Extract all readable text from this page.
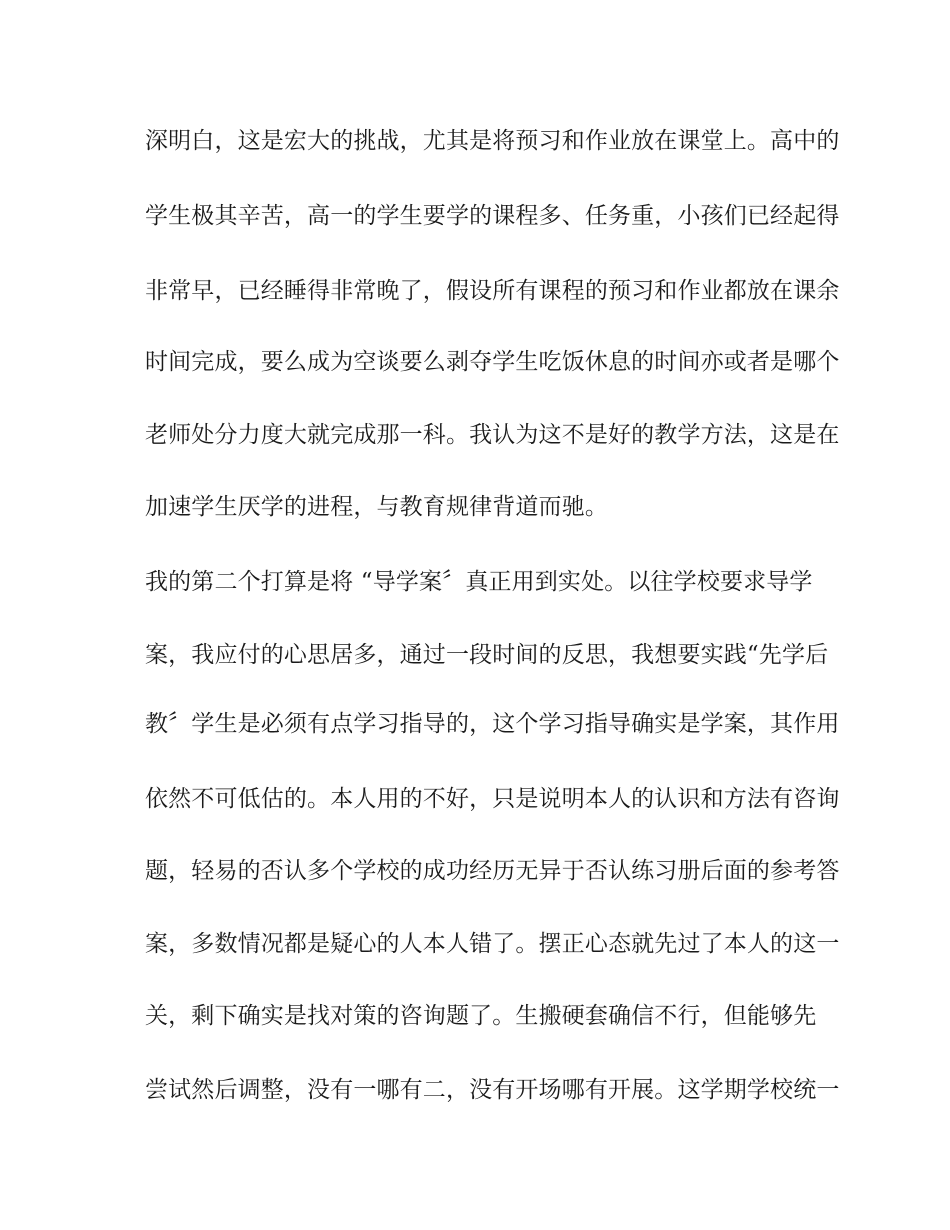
深明白，这是宏大的挑战，尤其是将预习和作业放在课堂上。高中的
学生极其辛苦，高一的学生要学的课程多、任务重，小孩们已经起得
非常早，已经睡得非常晚了，假设所有课程的预习和作业都放在课余
时间完成，要么成为空谈要么剥夺学生吃饭休息的时间亦或者是哪个
老师处分力度大就完成那一科。我认为这不是好的教学方法，这是在
加速学生厌学的进程，与教育规律背道而驰。
我的第二个打算是将 “导学案〞真正用到实处。以往学校要求导学
案，我应付的心思居多，通过一段时间的反思，我想要实践“先学后
教〞学生是必须有点学习指导的，这个学习指导确实是学案，其作用
依然不可低估的。本人用的不好，只是说明本人的认识和方法有咨询
题，轻易的否认多个学校的成功经历无异于否认练习册后面的参考答
案，多数情况都是疑心的人本人错了。摆正心态就先过了本人的这一
关，剩下确实是找对策的咨询题了。生搬硬套确信不行，但能够先
尝试然后调整，没有一哪有二，没有开场哪有开展。这学期学校统一
